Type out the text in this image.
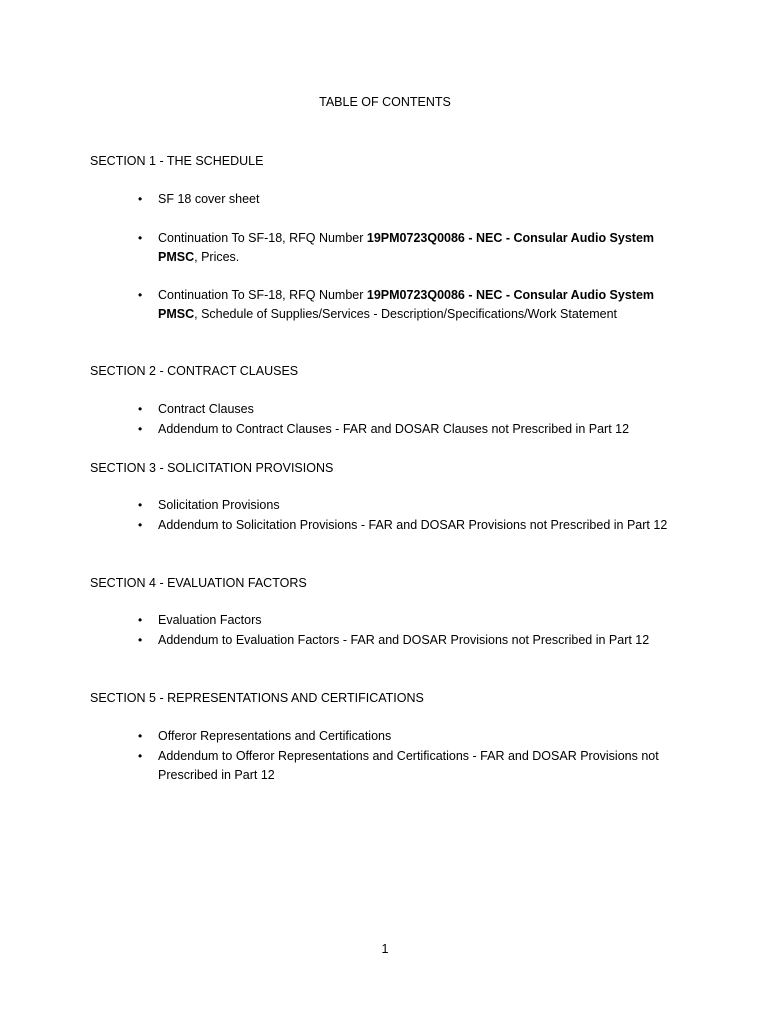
TABLE OF CONTENTS
SECTION 1 - THE SCHEDULE
• SF 18 cover sheet
• Continuation To SF-18, RFQ Number 19PM0723Q0086 - NEC - Consular Audio System PMSC, Prices.
• Continuation To SF-18, RFQ Number 19PM0723Q0086 - NEC - Consular Audio System PMSC, Schedule of Supplies/Services - Description/Specifications/Work Statement
SECTION 2 - CONTRACT CLAUSES
• Contract Clauses
• Addendum to Contract Clauses - FAR and DOSAR Clauses not Prescribed in Part 12
SECTION 3 - SOLICITATION PROVISIONS
• Solicitation Provisions
• Addendum to Solicitation Provisions - FAR and DOSAR Provisions not Prescribed in Part 12
SECTION 4 - EVALUATION FACTORS
• Evaluation Factors
• Addendum to Evaluation Factors - FAR and DOSAR Provisions not Prescribed in Part 12
SECTION 5 - REPRESENTATIONS AND CERTIFICATIONS
• Offeror Representations and Certifications
• Addendum to Offeror Representations and Certifications - FAR and DOSAR Provisions not Prescribed in Part 12
1
